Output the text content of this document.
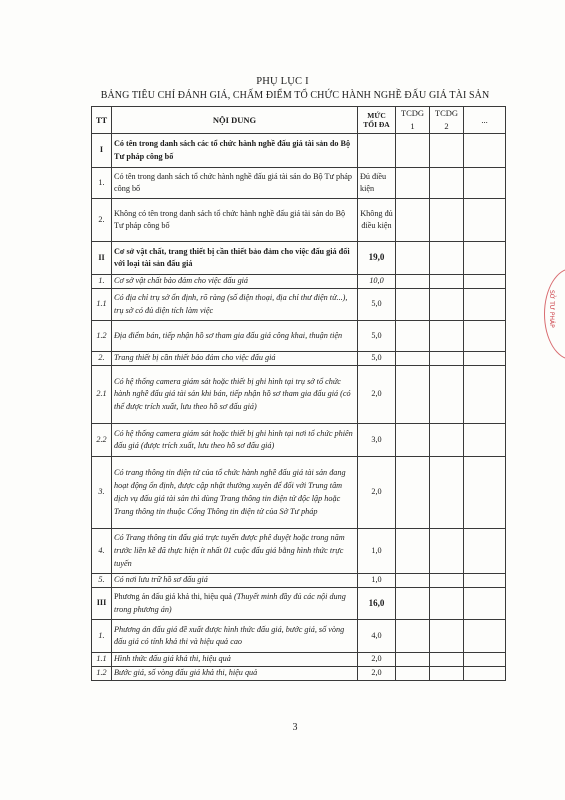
PHỤ LỤC I
BẢNG TIÊU CHÍ ĐÁNH GIÁ, CHẤM ĐIỂM TỔ CHỨC HÀNH NGHỀ ĐẤU GIÁ TÀI SẢN
TT	NỘI DUNG	MỨC TỐI ĐA	TCDG 1	TCDG 2	...
I	Có tên trong danh sách các tổ chức hành nghề đấu giá tài sản do Bộ Tư pháp công bố				
1.	Có tên trong danh sách tổ chức hành nghề đấu giá tài sản do Bộ Tư pháp công bố	Đủ điều kiện			
2.	Không có tên trong danh sách tổ chức hành nghề đấu giá tài sản do Bộ Tư pháp công bố	Không đủ điều kiện			
II	Cơ sở vật chất, trang thiết bị cần thiết bảo đảm cho việc đấu giá đối với loại tài sản đấu giá	19,0			
1.	Cơ sở vật chất bảo đảm cho việc đấu giá	10,0			
1.1	Có địa chỉ trụ sở ổn định, rõ ràng (số điện thoại, địa chỉ thư điện tử...), trụ sở có đủ diện tích làm việc	5,0			
1.2	Địa điểm bán, tiếp nhận hồ sơ tham gia đấu giá công khai, thuận tiện	5,0			
2.	Trang thiết bị cần thiết bảo đảm cho việc đấu giá	5,0			
2.1	Có hệ thống camera giám sát hoặc thiết bị ghi hình tại trụ sở tổ chức hành nghề đấu giá tài sản khi bán, tiếp nhận hồ sơ tham gia đấu giá (có thể được trích xuất, lưu theo hồ sơ đấu giá)	2,0			
2.2	Có hệ thống camera giám sát hoặc thiết bị ghi hình tại nơi tổ chức phiên đấu giá (được trích xuất, lưu theo hồ sơ đấu giá)	3,0			
3.	Có trang thông tin điện tử của tổ chức hành nghề đấu giá tài sản đang hoạt động ổn định, được cập nhật thường xuyên để đối với Trung tâm dịch vụ đấu giá tài sản thì dùng Trang thông tin điện tử độc lập hoặc Trang thông tin thuộc Cổng Thông tin điện tử của Sở Tư pháp	2,0			
4.	Có Trang thông tin đấu giá trực tuyến được phê duyệt hoặc trong năm trước liền kề đã thực hiện ít nhất 01 cuộc đấu giá bằng hình thức trực tuyến	1,0			
5.	Có nơi lưu trữ hồ sơ đấu giá	1,0			
III	Phương án đấu giá khả thi, hiệu quả (Thuyết minh đầy đủ các nội dung trong phương án)	16,0			
1.	Phương án đấu giá đề xuất được hình thức đấu giá, bước giá, số vòng đấu giá có tính khả thi và hiệu quả cao	4,0			
1.1	Hình thức đấu giá khả thi, hiệu quả	2,0			
1.2	Bước giá, số vòng đấu giá khả thi, hiệu quả	2,0			
3
SỞ TƯ PHÁP
